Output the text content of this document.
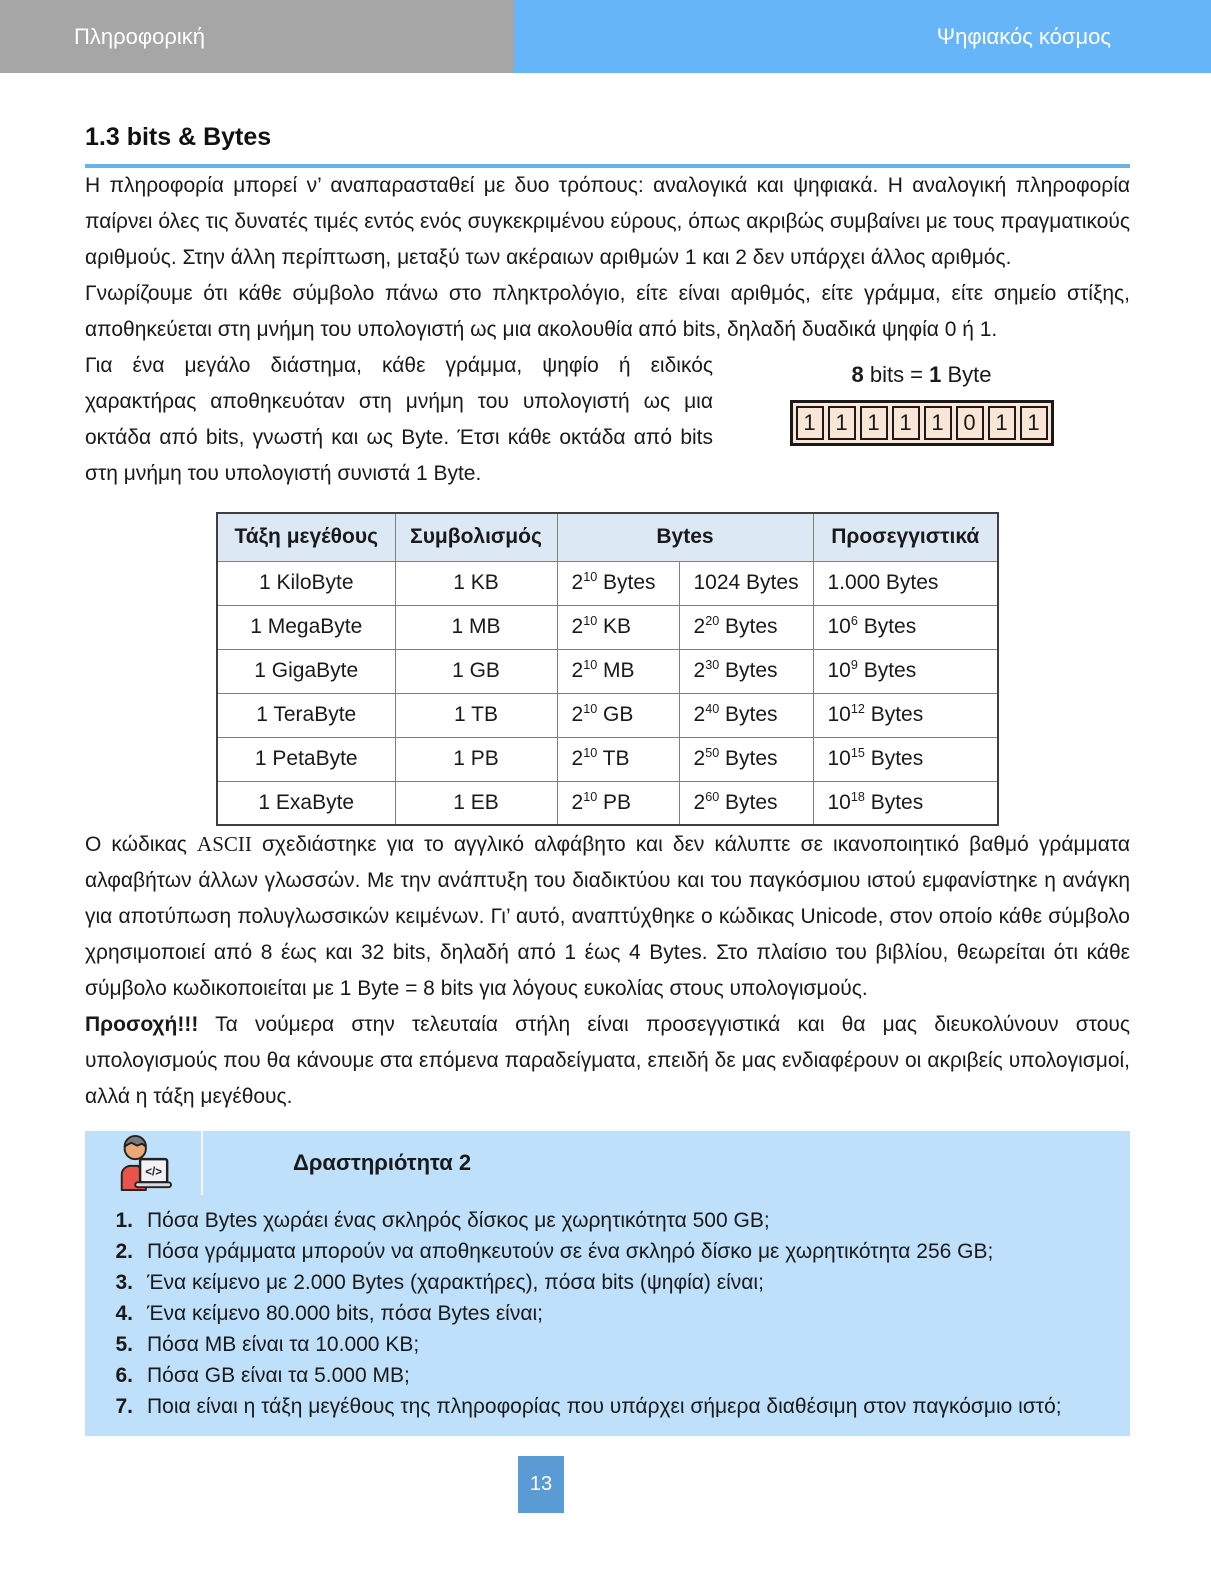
Πληροφορική	Ψηφιακός κόσμος
1.3 bits & Bytes

Η πληροφορία μπορεί ν’ αναπαρασταθεί με δυο τρόπους: αναλογικά και ψηφιακά. Η αναλογική πληροφορία παίρνει όλες τις δυνατές τιμές εντός ενός συγκεκριμένου εύρους, όπως ακριβώς συμβαίνει με τους πραγματικούς αριθμούς. Στην άλλη περίπτωση, μεταξύ των ακέραιων αριθμών 1 και 2 δεν υπάρχει άλλος αριθμός.

Γνωρίζουμε ότι κάθε σύμβολο πάνω στο πληκτρολόγιο, είτε είναι αριθμός, είτε γράμμα, είτε σημείο στίξης, αποθηκεύεται στη μνήμη του υπολογιστή ως μια ακολουθία από bits, δηλαδή δυαδικά ψηφία 0 ή 1.

Για ένα μεγάλο διάστημα, κάθε γράμμα, ψηφίο ή ειδικός χαρακτήρας αποθηκευόταν στη μνήμη του υπολογιστή ως μια οκτάδα από bits, γνωστή και ως Byte. Έτσι κάθε οκτάδα από bits στη μνήμη του υπολογιστή συνιστά 1 Byte.

8 bits = 1 Byte
1 1 1 1 1 0 1 1
Τάξη μεγέθους	Συμβολισμός	Bytes		Προσεγγιστικά
1 KiloByte	1 KB	$2^{10}$ Bytes	1024 Bytes	1.000 Bytes
1 MegaByte	1 MB	$2^{10}$ KB	$2^{20}$ Bytes	$10^6$ Bytes
1 GigaByte	1 GB	$2^{10}$ MB	$2^{30}$ Bytes	$10^9$ Bytes
1 TeraByte	1 TB	$2^{10}$ GB	$2^{40}$ Bytes	$10^{12}$ Bytes
1 PetaByte	1 PB	$2^{10}$ TB	$2^{50}$ Bytes	$10^{15}$ Bytes
1 ExaByte	1 EB	$2^{10}$ PB	$2^{60}$ Bytes	$10^{18}$ Bytes

Ο κώδικας ASCII σχεδιάστηκε για το αγγλικό αλφάβητο και δεν κάλυπτε σε ικανοποιητικό βαθμό γράμματα αλφαβήτων άλλων γλωσσών. Με την ανάπτυξη του διαδικτύου και του παγκόσμιου ιστού εμφανίστηκε η ανάγκη για αποτύπωση πολυγλωσσικών κειμένων. Γι’ αυτό, αναπτύχθηκε ο κώδικας Unicode, στον οποίο κάθε σύμβολο χρησιμοποιεί από 8 έως και 32 bits, δηλαδή από 1 έως 4 Bytes. Στο πλαίσιο του βιβλίου, θεωρείται ότι κάθε σύμβολο κωδικοποιείται με 1 Byte = 8 bits για λόγους ευκολίας στους υπολογισμούς.

Προσοχή!!! Τα νούμερα στην τελευταία στήλη είναι προσεγγιστικά και θα μας διευκολύνουν στους υπολογισμούς που θα κάνουμε στα επόμενα παραδείγματα, επειδή δε μας ενδιαφέρουν οι ακριβείς υπολογισμοί, αλλά η τάξη μεγέθους.

</>	Δραστηριότητα 2
1. Πόσα Bytes χωράει ένας σκληρός δίσκος με χωρητικότητα 500 GB;
2. Πόσα γράμματα μπορούν να αποθηκευτούν σε ένα σκληρό δίσκο με χωρητικότητα 256 GB;
3. Ένα κείμενο με 2.000 Bytes (χαρακτήρες), πόσα bits (ψηφία) είναι;
4. Ένα κείμενο 80.000 bits, πόσα Bytes είναι;
5. Πόσα ΜΒ είναι τα 10.000 ΚΒ;
6. Πόσα GB είναι τα 5.000 ΜΒ;
7. Ποια είναι η τάξη μεγέθους της πληροφορίας που υπάρχει σήμερα διαθέσιμη στον παγκόσμιο ιστό;
13
